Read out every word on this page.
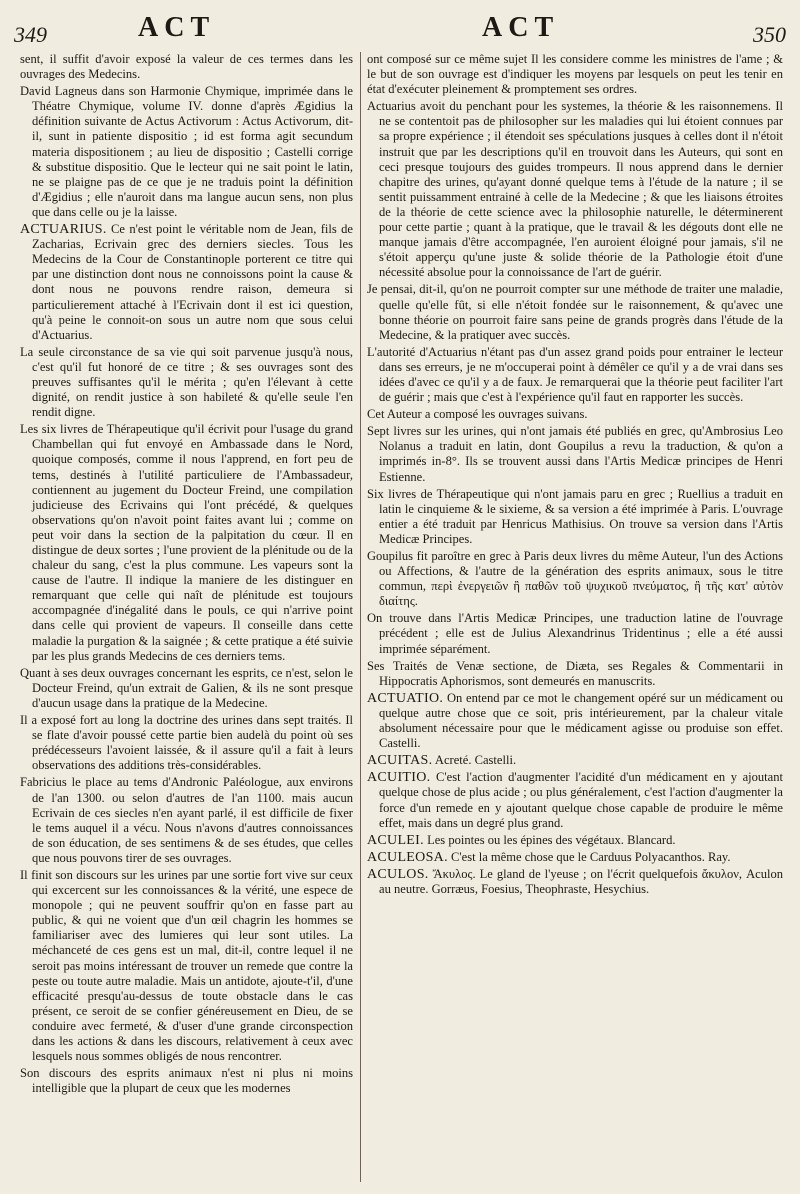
349	ACT	ACT	350

sent, il suffit d'avoir exposé la valeur de ces termes dans les ouvrages des Medecins.

David Lagneus dans son Harmonie Chymique, imprimée dans le Théatre Chymique, volume IV. donne d'après Ægidius la définition suivante de Actus Activorum : Actus Activorum, dit-il, sunt in patiente dispositio ; id est forma agit secundum materia dispositionem ; au lieu de dispositio ; Castelli corrige & substitue dispositio. Que le lecteur qui ne sait point le latin, ne se plaigne pas de ce que je ne traduis point la définition d'Ægidius ; elle n'auroit dans ma langue aucun sens, non plus que dans celle ou je la laisse.

ACTUARIUS. Ce n'est point le véritable nom de Jean, fils de Zacharias, Ecrivain grec des derniers siecles. Tous les Medecins de la Cour de Constantinople porterent ce titre qui par une distinction dont nous ne connoissons point la cause & dont nous ne pouvons rendre raison, demeura si particulierement attaché à l'Ecrivain dont il est ici question, qu'à peine le connoit-on sous un autre nom que sous celui d'Actuarius.

La seule circonstance de sa vie qui soit parvenue jusqu'à nous, c'est qu'il fut honoré de ce titre ; & ses ouvrages sont des preuves suffisantes qu'il le mérita ; qu'en l'élevant à cette dignité, on rendit justice à son habileté & qu'elle seule l'en rendit digne.

Les six livres de Thérapeutique qu'il écrivit pour l'usage du grand Chambellan qui fut envoyé en Ambassade dans le Nord, quoique composés, comme il nous l'apprend, en fort peu de tems, destinés à l'utilité particuliere de l'Ambassadeur, contiennent au jugement du Docteur Freind, une compilation judicieuse des Ecrivains qui l'ont précédé, & quelques observations qu'on n'avoit point faites avant lui ; comme on peut voir dans la section de la palpitation du cœur. Il en distingue de deux sortes ; l'une provient de la plénitude ou de la chaleur du sang, c'est la plus commune. Les vapeurs sont la cause de l'autre. Il indique la maniere de les distinguer en remarquant que celle qui naît de plénitude est toujours accompagnée d'inégalité dans le pouls, ce qui n'arrive point dans celle qui provient de vapeurs. Il conseille dans cette maladie la purgation & la saignée ; & cette pratique a été suivie par les plus grands Medecins de ces derniers tems.

Quant à ses deux ouvrages concernant les esprits, ce n'est, selon le Docteur Freind, qu'un extrait de Galien, & ils ne sont presque d'aucun usage dans la pratique de la Medecine.

Il a exposé fort au long la doctrine des urines dans sept traités. Il se flate d'avoir poussé cette partie bien audelà du point où ses prédécesseurs l'avoient laissée, & il assure qu'il a fait à leurs observations des additions très-considérables.

Fabricius le place au tems d'Andronic Paléologue, aux environs de l'an 1300. ou selon d'autres de l'an 1100. mais aucun Ecrivain de ces siecles n'en ayant parlé, il est difficile de fixer le tems auquel il a vécu. Nous n'avons d'autres connoissances de son éducation, de ses sentimens & de ses études, que celles que nous pouvons tirer de ses ouvrages.

Il finit son discours sur les urines par une sortie fort vive sur ceux qui excercent sur les connoissances & la vérité, une espece de monopole ; qui ne peuvent souffrir qu'on en fasse part au public, & qui ne voient que d'un œil chagrin les hommes se familiariser avec des lumieres qui leur sont utiles. La méchanceté de ces gens est un mal, dit-il, contre lequel il ne seroit pas moins intéressant de trouver un remede que contre la peste ou toute autre maladie. Mais un antidote, ajoute-t'il, d'une efficacité presqu'au-dessus de toute obstacle dans le cas présent, ce seroit de se confier généreusement en Dieu, de se conduire avec fermeté, & d'user d'une grande circonspection dans les actions & dans les discours, relativement à ceux avec lesquels nous sommes obligés de nous rencontrer.

Son discours des esprits animaux n'est ni plus ni moins intelligible que la plupart de ceux que les modernes

ont composé sur ce même sujet Il les considere comme les ministres de l'ame ; & le but de son ouvrage est d'indiquer les moyens par lesquels on peut les tenir en état d'exécuter pleinement & promptement ses ordres.

Actuarius avoit du penchant pour les systemes, la théorie & les raisonnemens. Il ne se contentoit pas de philosopher sur les maladies qui lui étoient connues par sa propre expérience ; il étendoit ses spéculations jusques à celles dont il n'étoit instruit que par les descriptions qu'il en trouvoit dans les Auteurs, qui sont en ceci presque toujours des guides trompeurs. Il nous apprend dans le dernier chapitre des urines, qu'ayant donné quelque tems à l'étude de la nature ; il se sentit puissamment entrainé à celle de la Medecine ; & que les liaisons étroites de la théorie de cette science avec la philosophie naturelle, le déterminerent pour cette partie ; quant à la pratique, que le travail & les dégouts dont elle ne manque jamais d'être accompagnée, l'en auroient éloigné pour jamais, s'il ne s'étoit apperçu qu'une juste & solide théorie de la Pathologie étoit d'une nécessité absolue pour la connoissance de l'art de guérir.

Je pensai, dit-il, qu'on ne pourroit compter sur une méthode de traiter une maladie, quelle qu'elle fût, si elle n'étoit fondée sur le raisonnement, & qu'avec une bonne théorie on pourroit faire sans peine de grands progrès dans l'étude de la Medecine, & la pratiquer avec succès.

L'autorité d'Actuarius n'étant pas d'un assez grand poids pour entrainer le lecteur dans ses erreurs, je ne m'occuperai point à démêler ce qu'il y a de vrai dans ses idées d'avec ce qu'il y a de faux. Je remarquerai que la théorie peut faciliter l'art de guérir ; mais que c'est à l'expérience qu'il faut en rapporter les succès.

Cet Auteur a composé les ouvrages suivans.

Sept livres sur les urines, qui n'ont jamais été publiés en grec, qu'Ambrosius Leo Nolanus a traduit en latin, dont Goupilus a revu la traduction, & qu'on a imprimés in-8°. Ils se trouvent aussi dans l'Artis Medicæ principes de Henri Estienne.

Six livres de Thérapeutique qui n'ont jamais paru en grec ; Ruellius a traduit en latin le cinquieme & le sixieme, & sa version a été imprimée à Paris. L'ouvrage entier a été traduit par Henricus Mathisius. On trouve sa version dans l'Artis Medicæ Principes.

Goupilus fit paroître en grec à Paris deux livres du même Auteur, l'un des Actions ou Affections, & l'autre de la génération des esprits animaux, sous le titre commun, περὶ ἐνεργειῶν ἢ παθῶν τοῦ ψυχικοῦ πνεύματος, ἢ τῆς κατ' αὐτὸν διαίτης.

On trouve dans l'Artis Medicæ Principes, une traduction latine de l'ouvrage précédent ; elle est de Julius Alexandrinus Tridentinus ; elle a été aussi imprimée séparément.

Ses Traités de Venæ sectione, de Diæta, ses Regales & Commentarii in Hippocratis Aphorismos, sont demeurés en manuscrits.

ACTUATIO. On entend par ce mot le changement opéré sur un médicament ou quelque autre chose que ce soit, pris intérieurement, par la chaleur vitale absolument nécessaire pour que le médicament agisse ou produise son effet. Castelli.

ACUITAS. Acreté. Castelli.

ACUITIO. C'est l'action d'augmenter l'acidité d'un médicament en y ajoutant quelque chose de plus acide ; ou plus généralement, c'est l'action d'augmenter la force d'un remede en y ajoutant quelque chose capable de produire le même effet, mais dans un degré plus grand.

ACULEI. Les pointes ou les épines des végétaux. Blancard.

ACULEOSA. C'est la même chose que le Carduus Polyacanthos. Ray.

ACULOS. Ἄκυλος. Le gland de l'yeuse ; on l'écrit quelquefois ἄκυλον, Aculon au neutre. Gorræus, Foesius, Theophraste, Hesychius.
